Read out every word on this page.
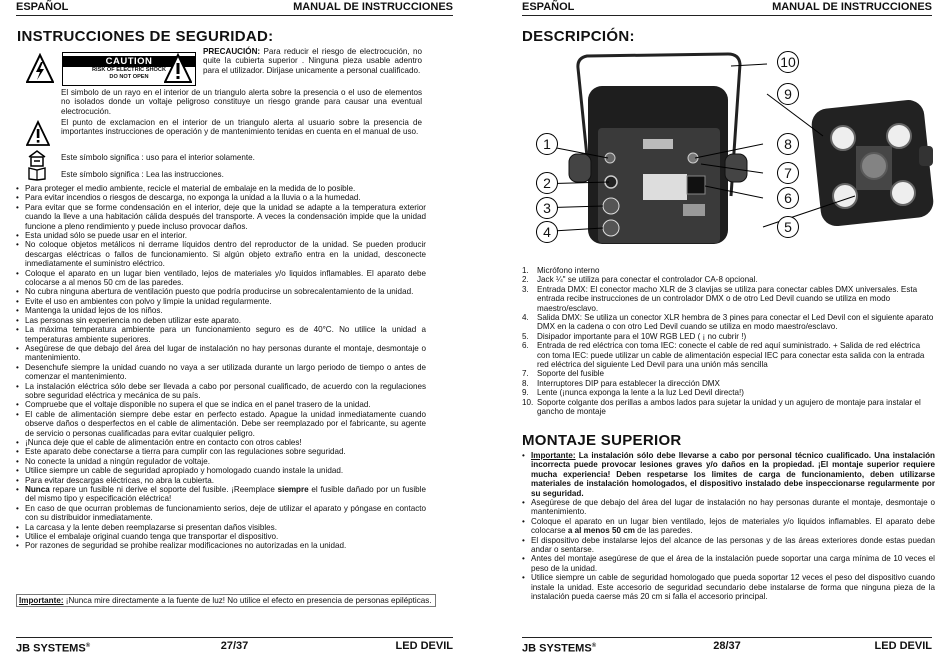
ESPAÑOL	MANUAL DE INSTRUCCIONES
INSTRUCCIONES DE SEGURIDAD:
CAUTION
RISK OF ELECTRIC SHOCK
DO NOT OPEN
PRECAUCIÓN: Para reducir el riesgo de electrocución, no quite la cubierta superior . Ninguna pieza usable adentro para el utilizador. Dirijase unicamente a personal cualificado.
El simbolo de un rayo en el interior de un triangulo alerta sobre la presencia o el uso de elementos no isolados donde un voltaje peligroso constituye un riesgo grande para causar una eventual electrocución.
El punto de exclamacion en el interior de un triangulo alerta al usuario sobre la presencia de importantes instrucciones de operación y de mantenimiento tenidas en cuenta en el manual de uso.
Este símbolo significa : uso para el interior solamente.
Este símbolo significa : Lea las instrucciones.
• Para proteger el medio ambiente, recicle el material de embalaje en la medida de lo posible.
• Para evitar incendios o riesgos de descarga, no exponga la unidad a la lluvia o a la humedad.
• Para evitar que se forme condensación en el interior, deje que la unidad se adapte a la temperatura exterior cuando la lleve a una habitación cálida después del transporte. A veces la condensación impide que la unidad funcione a pleno rendimiento y puede incluso provocar daños.
• Esta unidad sólo se puede usar en el interior.
• No coloque objetos metálicos ni derrame líquidos dentro del reproductor de la unidad. Se pueden producir descargas eléctricas o fallos de funcionamiento. Si algún objeto extraño entra en la unidad, desconecte inmediatamente el suministro eléctrico.
• Coloque el aparato en un lugar bien ventilado, lejos de materiales y/o liquidos inflamables. El aparato debe colocarse a al menos 50 cm de las paredes.
• No cubra ninguna abertura de ventilación puesto que podría producirse un sobrecalentamiento de la unidad.
• Evite el uso en ambientes con polvo y limpie la unidad regularmente.
• Mantenga la unidad lejos de los niños.
• Las personas sin experiencia no deben utilizar este aparato.
• La máxima temperatura ambiente para un funcionamiento seguro es de 40°C. No utilice la unidad a temperaturas ambiente superiores.
• Asegúrese de que debajo del área del lugar de instalación no hay personas durante el montaje, desmontaje o mantenimiento.
• Desenchufe siempre la unidad cuando no vaya a ser utilizada durante un largo periodo de tiempo o antes de comenzar el mantenimiento.
• La instalación eléctrica sólo debe ser llevada a cabo por personal cualificado, de acuerdo con la regulaciones sobre seguridad eléctrica y mecánica de su país.
• Compruebe que el voltaje disponible no supera el que se indica en el panel trasero de la unidad.
• El cable de alimentación siempre debe estar en perfecto estado. Apague la unidad inmediatamente cuando observe daños o desperfectos en el cable de alimentación. Debe ser reemplazado por el fabricante, su agente de servicio o personas cualificadas para evitar cualquier peligro.
• ¡Nunca deje que el cable de alimentación entre en contacto con otros cables!
• Este aparato debe conectarse a tierra para cumplir con las regulaciones sobre seguridad.
• No conecte la unidad a ningún regulador de voltaje.
• Utilice siempre un cable de seguridad apropiado y homologado cuando instale la unidad.
• Para evitar descargas eléctricas, no abra la cubierta.
• Nunca repare un fusible ni derive el soporte del fusible. ¡Reemplace siempre el fusible dañado por un fusible del mismo tipo y especificación eléctrica!
• En caso de que ocurran problemas de funcionamiento serios, deje de utilizar el aparato y póngase en contacto con su distribuidor inmediatamente.
• La carcasa y la lente deben reemplazarse si presentan daños visibles.
• Utilice el embalaje original cuando tenga que transportar el dispositivo.
• Por razones de seguridad se prohibe realizar modificaciones no autorizadas en la unidad.
Importante: ¡Nunca mire directamente a la fuente de luz! No utilice el efecto en presencia de personas epilépticas.
JB SYSTEMS®	27/37	LED DEVIL
ESPAÑOL	MANUAL DE INSTRUCCIONES
DESCRIPCIÓN:
1
2
3
4	5
6
7
8
9
10
1. Micrófono interno
2. Jack ¼" se utiliza para conectar el controlador CA-8 opcional.
3. Entrada DMX: El conector macho XLR de 3 clavijas se utiliza para conectar cables DMX universales. Esta entrada recibe instrucciones de un controlador DMX o de otro Led Devil cuando se utiliza en modo maestro/esclavo.
4. Salida DMX: Se utiliza un conector XLR hembra de 3 pines para conectar el Led Devil con el siguiente aparato DMX en la cadena o con otro Led Devil cuando se utiliza en modo maestro/esclavo.
5. Disipador importante para el 10W RGB LED ( ¡ no cubrir !)
6. Entrada de red eléctrica con toma IEC: conecte el cable de red aquí suministrado. + Salida de red eléctrica con toma IEC: puede utilizar un cable de alimentación especial IEC para conectar esta salida con la entrada red eléctrica del siguiente Led Devil para una unión más sencilla
7. Soporte del fusible
8. Interruptores DIP para establecer la dirección DMX
9. Lente (¡nunca exponga la lente a la luz Led Devil directa!)
10. Soporte colgante dos perillas a ambos lados para sujetar la unidad y un agujero de montaje para instalar el gancho de montaje
MONTAJE SUPERIOR
• Importante: La instalación sólo debe llevarse a cabo por personal técnico cualificado. Una instalación incorrecta puede provocar lesiones graves y/o daños en la propiedad. ¡El montaje superior requiere mucha experiencia! Deben respetarse los limites de carga de funcionamiento, deben utilizarse materiales de instalación homologados, el dispositivo instalado debe inspeccionarse regularmente por su seguridad.
• Asegúrese de que debajo del área del lugar de instalación no hay personas durante el montaje, desmontaje o mantenimiento.
• Coloque el aparato en un lugar bien ventilado, lejos de materiales y/o liquidos inflamables. El aparato debe colocarse a al menos 50 cm de las paredes.
• El dispositivo debe instalarse lejos del alcance de las personas y de las áreas exteriores donde estas puedan andar o sentarse.
• Antes del montaje asegúrese de que el área de la instalación puede soportar una carga mínima de 10 veces el peso de la unidad.
• Utilice siempre un cable de seguridad homologado que pueda soportar 12 veces el peso del dispositivo cuando instale la unidad. Este accesorio de seguridad secundario debe instalarse de forma que ninguna pieza de la instalación pueda caerse más 20 cm si falla el accesorio principal.
JB SYSTEMS®	28/37	LED DEVIL
